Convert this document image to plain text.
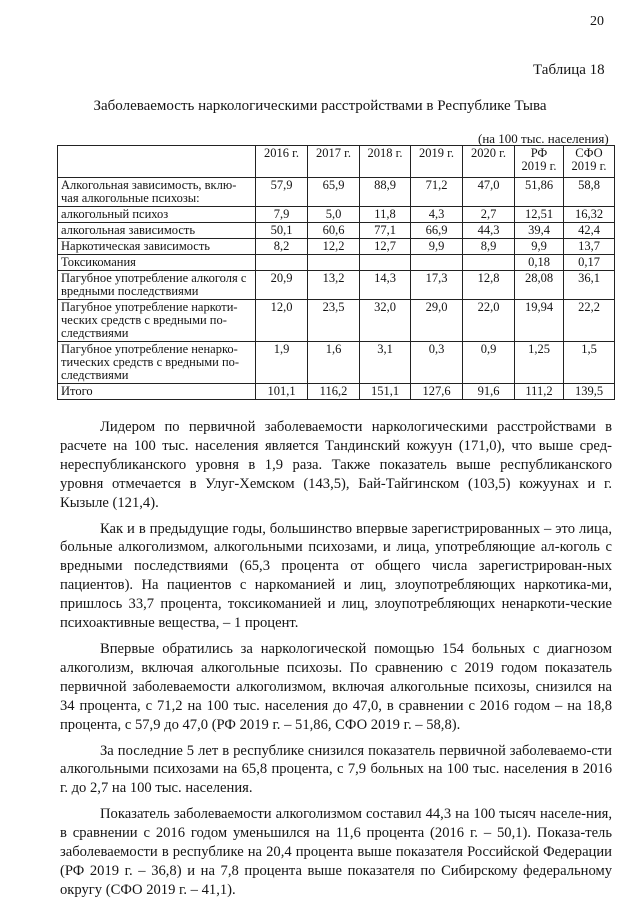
20
Таблица 18
Заболеваемость наркологическими расстройствами в Республике Тыва
(на 100 тыс. населения)
	2016 г.	2017 г.	2018 г.	2019 г.	2020 г.	РФ 2019 г.	СФО 2019 г.
Алкогольная зависимость, вклю-чая алкогольные психозы:	57,9	65,9	88,9	71,2	47,0	51,86	58,8
алкогольный психоз	7,9	5,0	11,8	4,3	2,7	12,51	16,32
алкогольная зависимость	50,1	60,6	77,1	66,9	44,3	39,4	42,4
Наркотическая зависимость	8,2	12,2	12,7	9,9	8,9	9,9	13,7
Токсикомания						0,18	0,17
Пагубное употребление алкоголя с вредными последствиями	20,9	13,2	14,3	17,3	12,8	28,08	36,1
Пагубное употребление наркоти-ческих средств с вредными по-следствиями	12,0	23,5	32,0	29,0	22,0	19,94	22,2
Пагубное употребление ненарко-тических средств с вредными по-следствиями	1,9	1,6	3,1	0,3	0,9	1,25	1,5
Итого	101,1	116,2	151,1	127,6	91,6	111,2	139,5

Лидером по первичной заболеваемости наркологическими расстройствами в расчете на 100 тыс. населения является Тандинский кожуун (171,0), что выше сред-нереспубликанского уровня в 1,9 раза. Также показатель выше республиканского уровня отмечается в Улуг-Хемском (143,5), Бай-Тайгинском (103,5) кожуунах и г. Кызыле (121,4).

Как и в предыдущие годы, большинство впервые зарегистрированных – это лица, больные алкоголизмом, алкогольными психозами, и лица, употребляющие ал-коголь с вредными последствиями (65,3 процента от общего числа зарегистрирован-ных пациентов). На пациентов с наркоманией и лиц, злоупотребляющих наркотика-ми, пришлось 33,7 процента, токсикоманией и лиц, злоупотребляющих ненаркоти-ческие психоактивные вещества, – 1 процент.

Впервые обратились за наркологической помощью 154 больных с диагнозом алкоголизм, включая алкогольные психозы. По сравнению с 2019 годом показатель первичной заболеваемости алкоголизмом, включая алкогольные психозы, снизился на 34 процента, с 71,2 на 100 тыс. населения до 47,0, в сравнении с 2016 годом – на 18,8 процента, с 57,9 до 47,0 (РФ 2019 г. – 51,86, СФО 2019 г. – 58,8).

За последние 5 лет в республике снизился показатель первичной заболеваемо-сти алкогольными психозами на 65,8 процента, с 7,9 больных на 100 тыс. населения в 2016 г. до 2,7 на 100 тыс. населения.

Показатель заболеваемости алкоголизмом составил 44,3 на 100 тысяч населе-ния, в сравнении с 2016 годом уменьшился на 11,6 процента (2016 г. – 50,1). Показа-тель заболеваемости в республике на 20,4 процента выше показателя Российской Федерации (РФ 2019 г. – 36,8) и на 7,8 процента выше показателя по Сибирскому федеральному округу (СФО 2019 г. – 41,1).
